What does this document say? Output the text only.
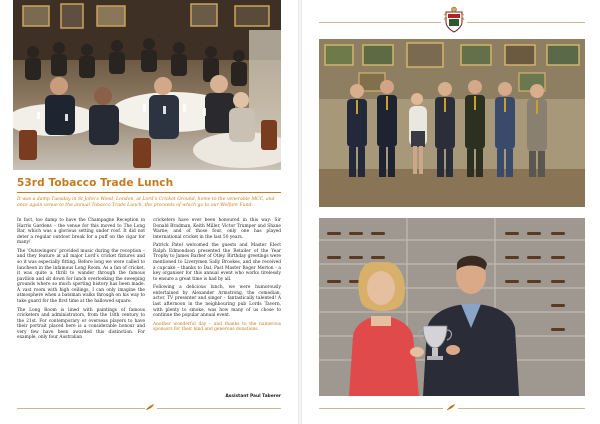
53rd Tobacco Trade Lunch
It was a damp Tuesday in St John’s Wood, London, at Lord’s Cricket Ground, home to the venerable MCC, and once again venue to the annual Tobacco Trade Lunch, the proceeds of which go to our Welfare Fund.

In fact, too damp to have the Champagne Reception in Harris Gardens – the venue for this moved to The Long Bar, which was a glorious setting under roof. It did not deter a regular outdoor break for a puff on the cigar for many!

The ‘Outswingers’ provided music during the reception – and they feature at all major Lord’s cricket fixtures and so it was especially fitting. Before long we were called to luncheon in the infamous Long Room. As a fan of cricket, it was quite a thrill to wander through the famous pavilion and sit down for lunch overlooking the sweeping grounds where so much sporting history has been made. A vast room with high ceilings, I can only imagine the atmosphere when a batsman walks through on his way to take guard for the first time at the hallowed square.

The Long Room is lined with paintings of famous cricketers and administrators, from the 18th century to the 21st. For contemporary or overseas players to have their portrait placed here is a considerable honour and very few have been awarded this distinction. For example, only four Australian

cricketers have ever been honoured in this way: Sir Donald Bradman, Keith Miller, Victor Trumper and Shane Warne; and of those four, only one has played international cricket in the last 50 years.

Patrick Patel welcomed the guests and Master Elect Ralph Edmondson presented the Retailer of the Year Trophy to James Barber of Otley. Birthday greetings were mentioned to Liverymen Sally Brookes, and she received a cupcake – thanks to Dal, Past Master Roger Merton - a key organiser for this annual event who works tirelessly to ensure a great time is had by all.

Following a delicious lunch, we were humorously entertained by Alexander Armstrong, the comedian, actor, TV presenter and singer – fantastically talented! A last afternoon in the neighbouring pub Lords Tavern, with plenty to smoke, was how many of us chose to continue the popular annual event.

Another wonderful day – and thanks to the numerous sponsors for their kind and generous donations.

Assistant Paul Taberer
